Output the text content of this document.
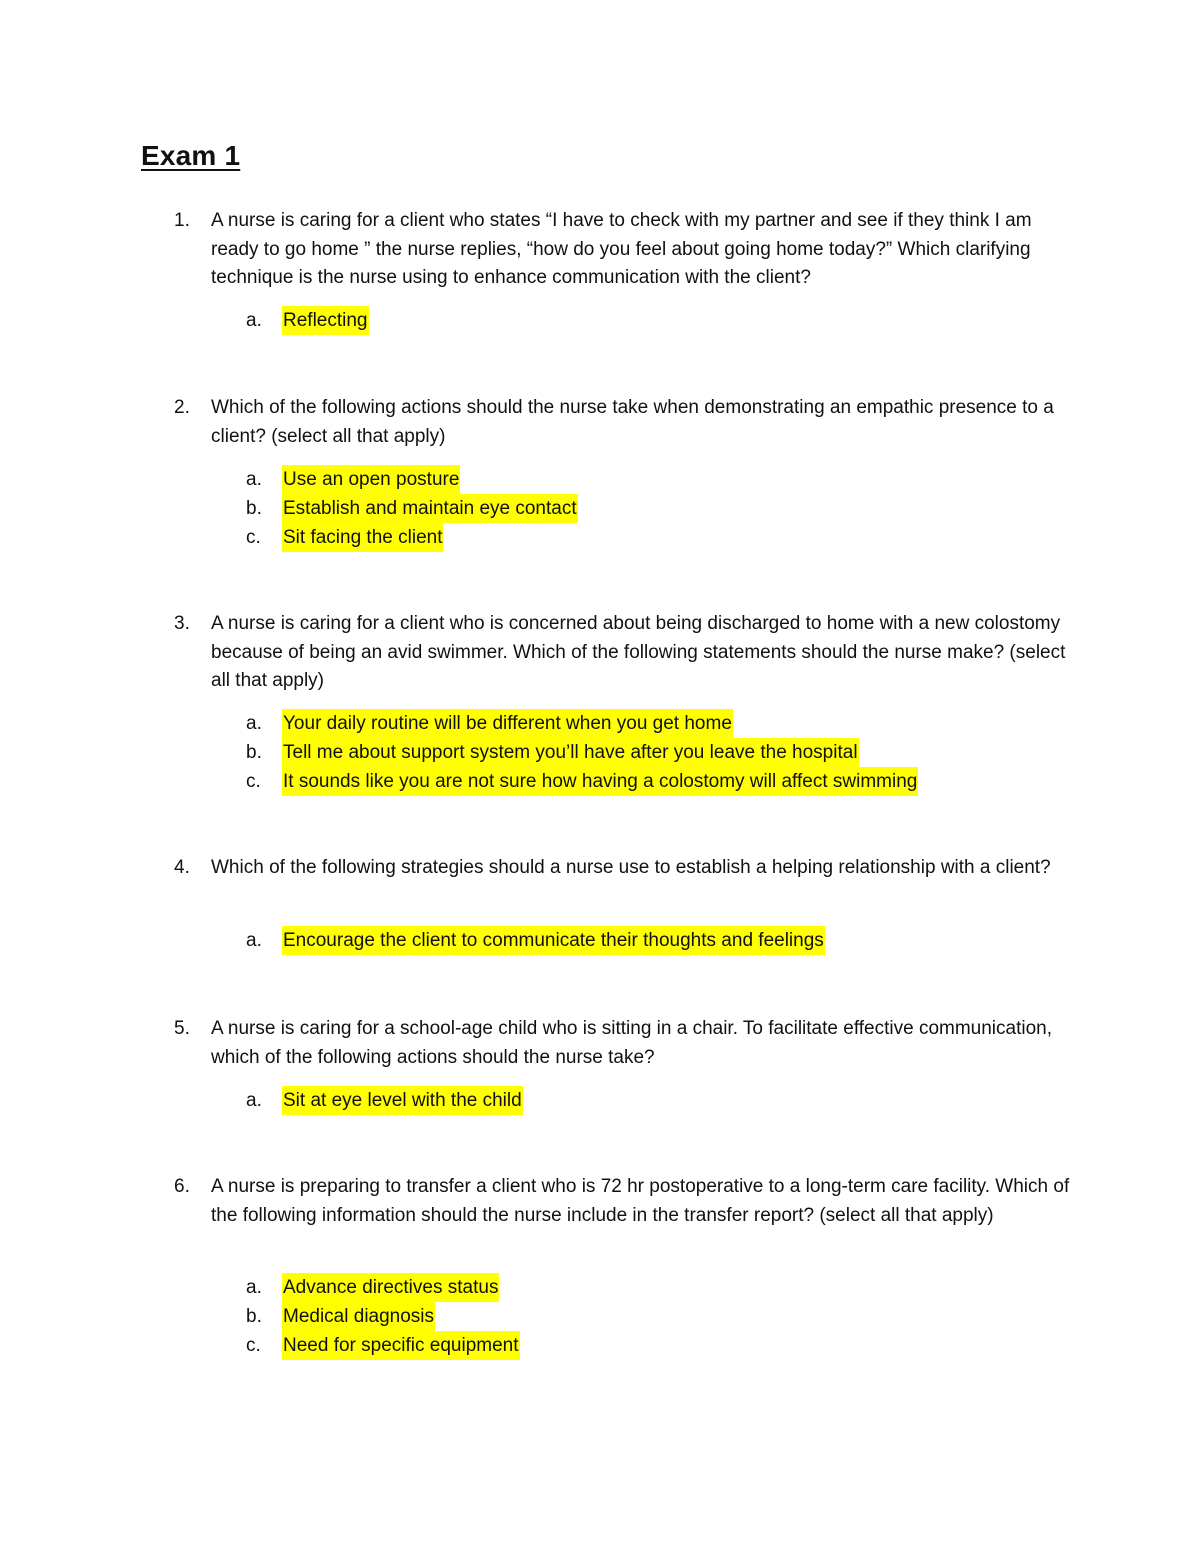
Exam 1
1. A nurse is caring for a client who states “I have to check with my partner and see if they think I am ready to go home ” the nurse replies, “how do you feel about going home today?” Which clarifying technique is the nurse using to enhance communication with the client?
a. Reflecting
2. Which of the following actions should the nurse take when demonstrating an empathic presence to a client? (select all that apply)
a. Use an open posture
b. Establish and maintain eye contact
c. Sit facing the client
3. A nurse is caring for a client who is concerned about being discharged to home with a new colostomy because of being an avid swimmer. Which of the following statements should the nurse make? (select all that apply)
a. Your daily routine will be different when you get home
b. Tell me about support system you’ll have after you leave the hospital
c. It sounds like you are not sure how having a colostomy will affect swimming
4. Which of the following strategies should a nurse use to establish a helping relationship with a client?
a. Encourage the client to communicate their thoughts and feelings
5. A nurse is caring for a school-age child who is sitting in a chair. To facilitate effective communication, which of the following actions should the nurse take?
a. Sit at eye level with the child
6. A nurse is preparing to transfer a client who is 72 hr postoperative to a long-term care facility. Which of the following information should the nurse include in the transfer report? (select all that apply)
a. Advance directives status
b. Medical diagnosis
c. Need for specific equipment
